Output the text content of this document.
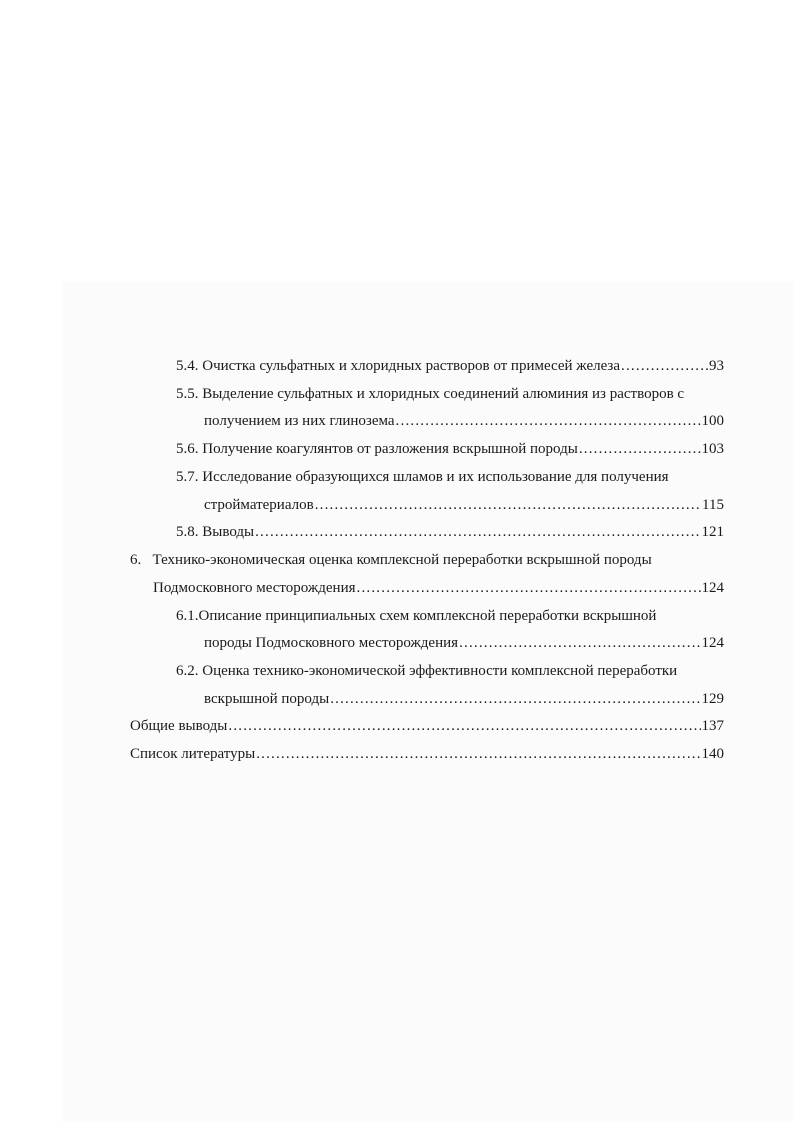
5.4. Очистка сульфатных и хлоридных растворов от примесей железа .....	93
5.5. Выделение сульфатных и хлоридных соединений алюминия из растворов с
получением из них глинозема .....	100
5.6. Получение коагулянтов от разложения вскрышной породы .....	103
5.7. Исследование образующихся шламов и их использование для получения
стройматериалов .....	115
5.8. Выводы .....	121
6.   Технико-экономическая оценка комплексной переработки вскрышной породы
Подмосковного месторождения .....	124
6.1.Описание принципиальных схем комплексной переработки вскрышной
породы Подмосковного месторождения .....	124
6.2. Оценка технико-экономической эффективности комплексной переработки
вскрышной породы .....	129
Общие выводы .....	137
Список литературы .....	140
